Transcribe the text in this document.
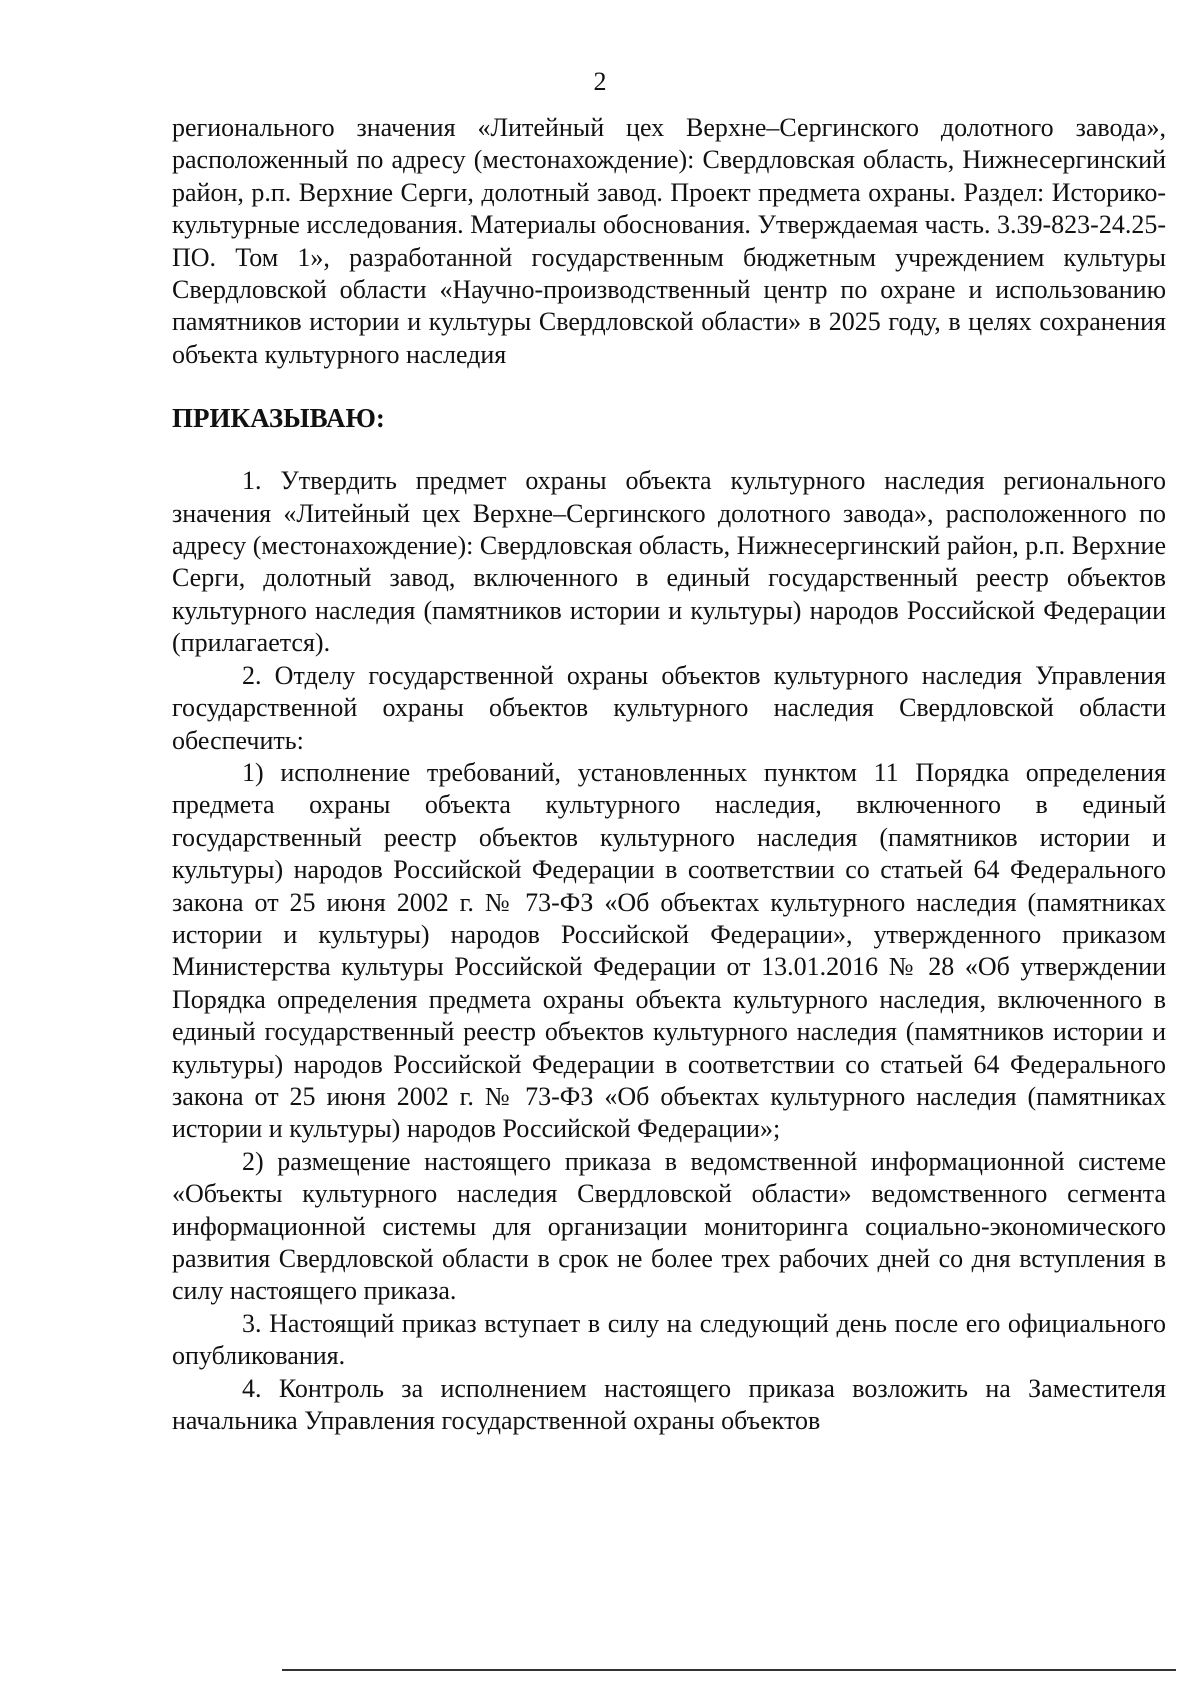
2

регионального значения «Литейный цех Верхне–Сергинского долотного завода», расположенный по адресу (местонахождение): Свердловская область, Нижнесергинский район, р.п. Верхние Серги, долотный завод. Проект предмета охраны. Раздел: Историко-культурные исследования. Материалы обоснования. Утверждаемая часть. 3.39-823-24.25-ПО. Том 1», разработанной государственным бюджетным учреждением культуры Свердловской области «Научно-производственный центр по охране и использованию памятников истории и культуры Свердловской области» в 2025 году, в целях сохранения объекта культурного наследия

ПРИКАЗЫВАЮ:

1. Утвердить предмет охраны объекта культурного наследия регионального значения «Литейный цех Верхне–Сергинского долотного завода», расположенного по адресу (местонахождение): Свердловская область, Нижнесергинский район, р.п. Верхние Серги, долотный завод, включенного в единый государственный реестр объектов культурного наследия (памятников истории и культуры) народов Российской Федерации (прилагается).

2. Отделу государственной охраны объектов культурного наследия Управления государственной охраны объектов культурного наследия Свердловской области обеспечить:

1) исполнение требований, установленных пунктом 11 Порядка определения предмета охраны объекта культурного наследия, включенного в единый государственный реестр объектов культурного наследия (памятников истории и культуры) народов Российской Федерации в соответствии со статьей 64 Федерального закона от 25 июня 2002 г. № 73-ФЗ «Об объектах культурного наследия (памятниках истории и культуры) народов Российской Федерации», утвержденного приказом Министерства культуры Российской Федерации от 13.01.2016 № 28 «Об утверждении Порядка определения предмета охраны объекта культурного наследия, включенного в единый государственный реестр объектов культурного наследия (памятников истории и культуры) народов Российской Федерации в соответствии со статьей 64 Федерального закона от 25 июня 2002 г. № 73-ФЗ «Об объектах культурного наследия (памятниках истории и культуры) народов Российской Федерации»;

2) размещение настоящего приказа в ведомственной информационной системе «Объекты культурного наследия Свердловской области» ведомственного сегмента информационной системы для организации мониторинга социально-экономического развития Свердловской области в срок не более трех рабочих дней со дня вступления в силу настоящего приказа.

3. Настоящий приказ вступает в силу на следующий день после его официального опубликования.

4. Контроль за исполнением настоящего приказа возложить на Заместителя начальника Управления государственной охраны объектов
